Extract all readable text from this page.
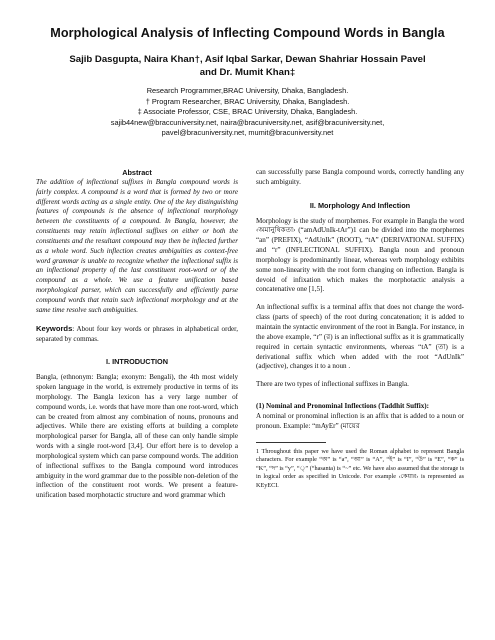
Morphological Analysis of Inflecting Compound Words in Bangla
Sajib Dasgupta, Naira Khan†, Asif Iqbal Sarkar, Dewan Shahriar Hossain Pavel
and Dr. Mumit Khan‡
Research Programmer,BRAC University, Dhaka, Bangladesh.
† Program Researcher, BRAC University, Dhaka, Bangladesh.
‡ Associate Professor, CSE, BRAC University, Dhaka, Bangladesh.
sajib44new@braccuniversity.net, naira@bracuniversity.net, asif@bracuniversity.net,
pavel@bracuniversity.net, mumit@bracuniversity.net

Abstract

The addition of inflectional suffixes in Bangla compound words is fairly complex. A compound is a word that is formed by two or more different words acting as a single entity. One of the key distinguishing features of compounds is the absence of inflectional morphology between the constituents of a compound. In Bangla, however, the constituents may retain inflectional suffixes on either or both the constituents and the resultant compound may then be inflected further as a whole word. Such inflection creates ambiguities as context-free word grammar is unable to recognize whether the inflectional suffix is an inflectional property of the last constituent root-word or of the compound as a whole. We use a feature unification based morphological parser, which can successfully and efficiently parse compound words that retain such inflectional morphology and at the same time resolve such ambiguities.

Keywords: About four key words or phrases in alphabetical order, separated by commas.

I. INTRODUCTION

Bangla, (ethnonym: Bangla; exonym: Bengali), the 4th most widely spoken language in the world, is extremely productive in terms of its morphology. The Bangla lexicon has a very large number of compound words, i.e. words that have more than one root-word, which can be created from almost any combination of nouns, pronouns and adjectives. While there are existing efforts at building a complete morphological parser for Bangla, all of these can only handle simple words with a single root-word [3,4]. Our effort here is to develop a morphological system which can parse compound words. The addition of inflectional suffixes to the Bangla compound word introduces ambiguity in the word grammar due to the possible non-deletion of the inflection of the constituent root words. We present a feature-unification based morphotactic structure and word grammar which

can successfully parse Bangla compound words, correctly handling any such ambiguity.

II. Morphology And Inflection

Morphology is the study of morphemes. For example in Bangla the word ‹অমানুষিকতা› (“amAdUnIk-tAr”)1 can be divided into the morphemes “an” (PREFIX), “AdUnIk” (ROOT), “tA” (DERIVATIONAL SUFFIX) and “r” (INFLECTIONAL SUFFIX). Bangla noun and pronoun morphology is predominantly linear, whereas verb morphology exhibits some non-linearity with the root form changing on inflection. Bangla is devoid of infixation which makes the morphotactic analysis a concatenative one [1,5].

An inflectional suffix is a terminal affix that does not change the word-class (parts of speech) of the root during concatenation; it is added to maintain the syntactic environment of the root in Bangla. For instance, in the above example, “r” (র) is an inflectional suffix as it is grammatically required in certain syntactic environments, whereas “tA” (তা) is a derivational suffix which when added with the root “AdUnIk” (adjective), changes it to a noun .

There are two types of inflectional suffixes in Bangla.

(1) Nominal and Pronominal Inflections (Taddhit Suffix):

A nominal or pronominal inflection is an affix that is added to a noun or pronoun. Example: “mAyEr” (মায়ের

1 Throughout this paper we have used the Roman alphabet to represent Bangla characters. For example “অ” is “a”, “আ” is “A”, “ই” is “I”, “উ” is “E”, “ক” is “K”, “দ” is “y”, “্” (“hasanta) is “~” etc. We have also assumed that the storage is in logical order as specified in Unicode. For example ‹কেয়ার› is represented as KEyECI.
